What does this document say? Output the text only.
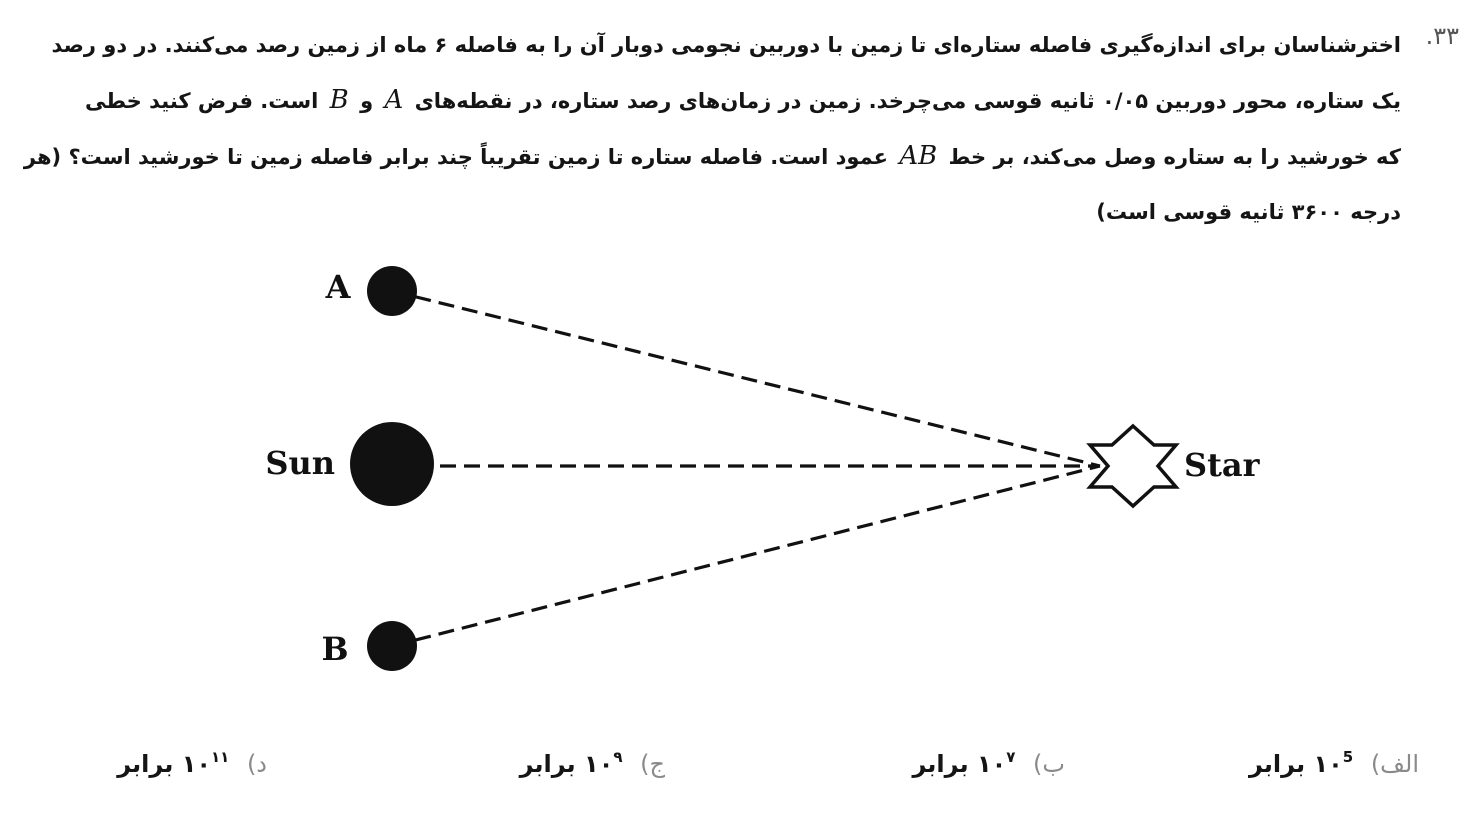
۳۳.
اخترشناسان برای اندازه‌گیری فاصله ستاره‌ای تا زمین با دوربین نجومی دوبار آن را به فاصله ۶ ماه از زمین رصد می‌کنند. در دو رصد
یک ستاره، محور دوربین ۰/۰۵ ثانیه قوسی می‌چرخد. زمین در زمان‌های رصد ستاره، در نقطه‌های A و B است. فرض کنید خطی
که خورشید را به ستاره وصل می‌کند، بر خط AB عمود است. فاصله ستاره تا زمین تقریباً چند برابر فاصله زمین تا خورشید است؟ (هر
درجه ۳۶۰۰ ثانیه قوسی است)
A
Sun
B
Star
الف) $۱۰^5$ برابر
ب) $۱۰^۷$ برابر
ج) $۱۰^۹$ برابر
د) $۱۰^{۱۱}$ برابر
